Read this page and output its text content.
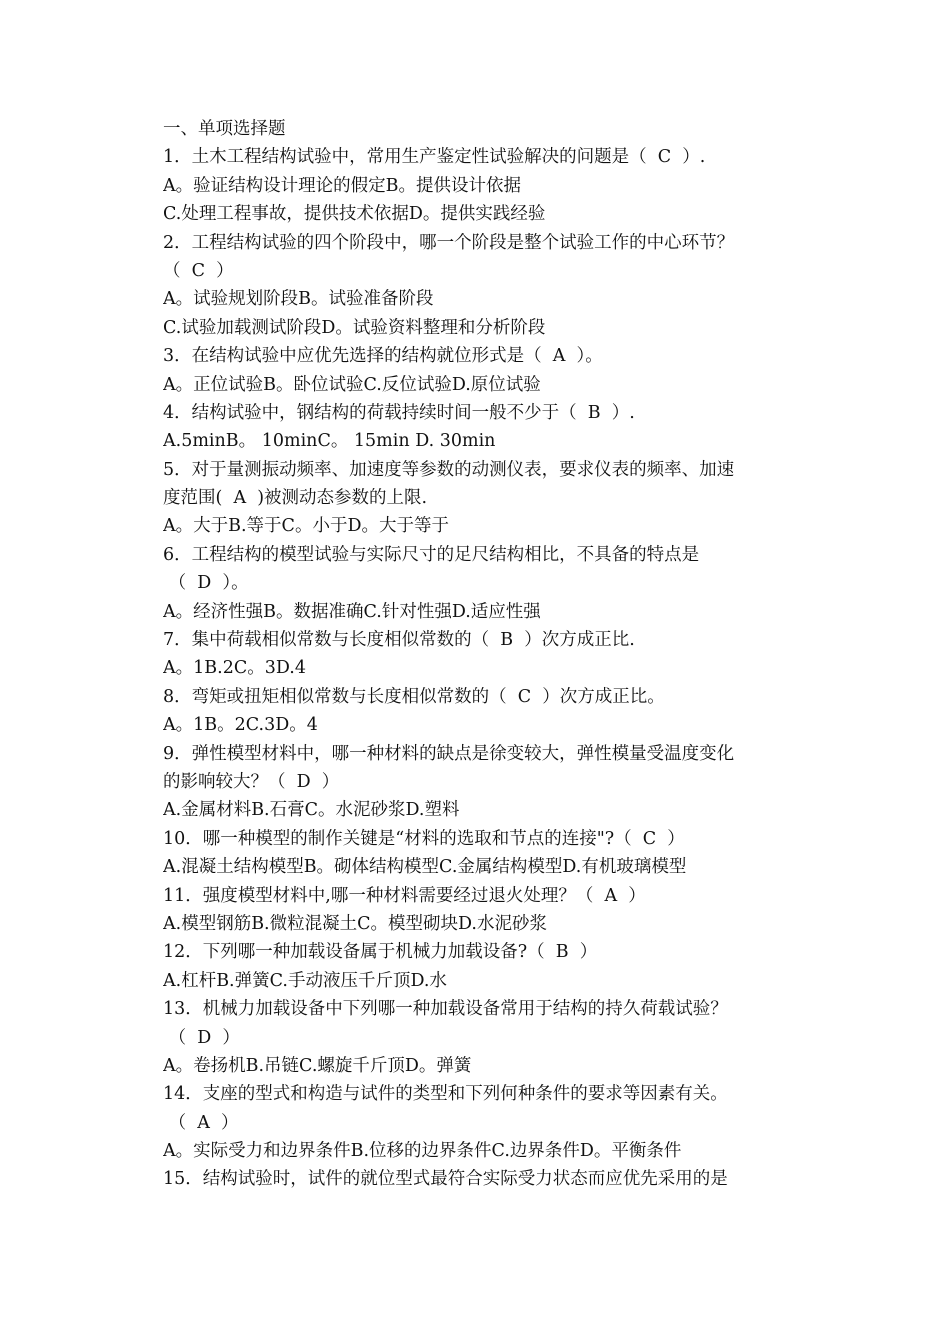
一、单项选择题
1．土木工程结构试验中，常用生产鉴定性试验解决的问题是（  C  ）.
A。验证结构设计理论的假定B。提供设计依据
C.处理工程事故，提供技术依据D。提供实践经验
2．工程结构试验的四个阶段中，哪一个阶段是整个试验工作的中心环节？
（  C  ）
A。试验规划阶段B。试验准备阶段
C.试验加载测试阶段D。试验资料整理和分析阶段
3．在结构试验中应优先选择的结构就位形式是（  A  ）。
A。正位试验B。卧位试验C.反位试验D.原位试验
4．结构试验中，钢结构的荷载持续时间一般不少于（  B  ）.
A.5minB。 10minC。 15min D. 30min
5．对于量测振动频率、加速度等参数的动测仪表，要求仪表的频率、加速
度范围(  A  )被测动态参数的上限.
A。大于B.等于C。小于D。大于等于
6．工程结构的模型试验与实际尺寸的足尺结构相比，不具备的特点是
（  D  ）。
A。经济性强B。数据准确C.针对性强D.适应性强
7．集中荷载相似常数与长度相似常数的（  B  ）次方成正比.
A。1B.2C。3D.4
8．弯矩或扭矩相似常数与长度相似常数的（  C  ）次方成正比。
A。1B。2C.3D。4
9．弹性模型材料中，哪一种材料的缺点是徐变较大，弹性模量受温度变化
的影响较大？（  D  ）
A.金属材料B.石膏C。水泥砂浆D.塑料
10．哪一种模型的制作关键是“材料的选取和节点的连接"?（  C  ）
A.混凝土结构模型B。砌体结构模型C.金属结构模型D.有机玻璃模型
11．强度模型材料中,哪一种材料需要经过退火处理？（  A  ）
A.模型钢筋B.微粒混凝土C。模型砌块D.水泥砂浆
12．下列哪一种加载设备属于机械力加载设备?（  B  ）
A.杠杆B.弹簧C.手动液压千斤顶D.水
13．机械力加载设备中下列哪一种加载设备常用于结构的持久荷载试验？
（  D  ）
A。卷扬机B.吊链C.螺旋千斤顶D。弹簧
14．支座的型式和构造与试件的类型和下列何种条件的要求等因素有关。
（  A  ）
A。实际受力和边界条件B.位移的边界条件C.边界条件D。平衡条件
15．结构试验时，试件的就位型式最符合实际受力状态而应优先采用的是
